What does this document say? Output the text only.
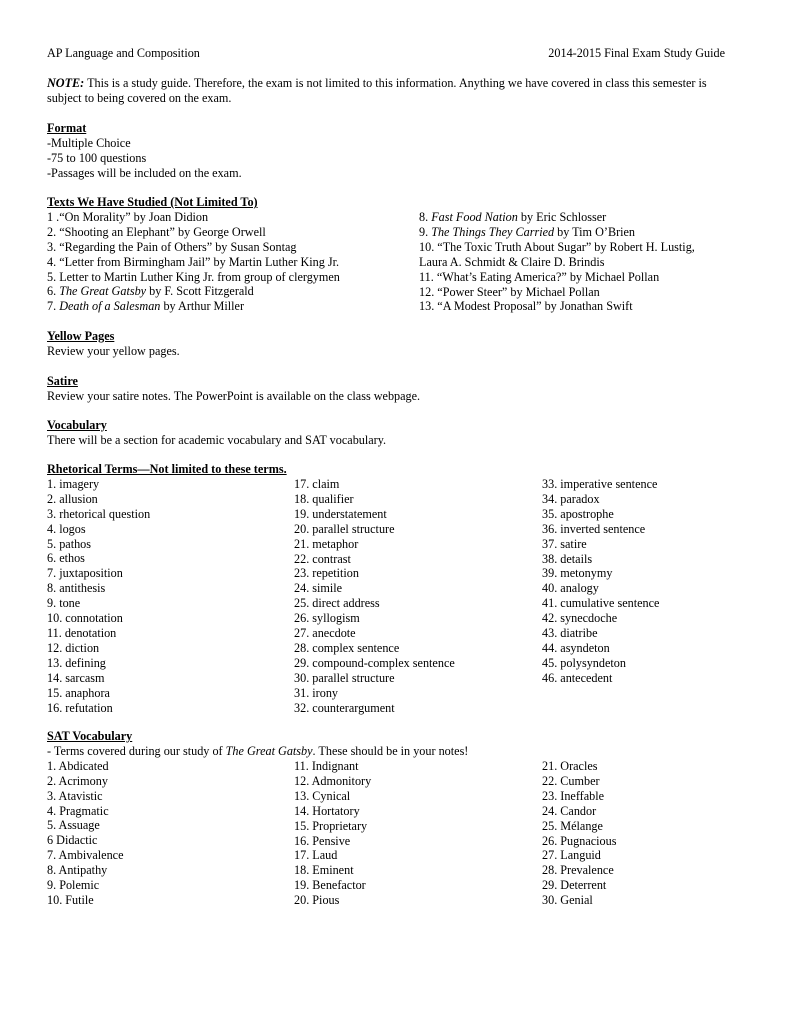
AP Language and Composition	2014-2015 Final Exam Study Guide
NOTE: This is a study guide. Therefore, the exam is not limited to this information. Anything we have covered in class this semester is subject to being covered on the exam.
Format
-Multiple Choice
-75 to 100 questions
-Passages will be included on the exam.
Texts We Have Studied (Not Limited To)
1 .“On Morality” by Joan Didion
2. “Shooting an Elephant” by George Orwell
3. “Regarding the Pain of Others” by Susan Sontag
4. “Letter from Birmingham Jail” by Martin Luther King Jr.
5. Letter to Martin Luther King Jr. from group of clergymen
6. The Great Gatsby by F. Scott Fitzgerald
7. Death of a Salesman by Arthur Miller
8. Fast Food Nation by Eric Schlosser
9. The Things They Carried by Tim O’Brien
10. “The Toxic Truth About Sugar” by Robert H. Lustig,
Laura A. Schmidt & Claire D. Brindis
11. “What’s Eating America?” by Michael Pollan
12. “Power Steer” by Michael Pollan
13. “A Modest Proposal” by Jonathan Swift
Yellow Pages
Review your yellow pages.
Satire
Review your satire notes. The PowerPoint is available on the class webpage.
Vocabulary
There will be a section for academic vocabulary and SAT vocabulary.
Rhetorical Terms—Not limited to these terms.
1. imagery
2. allusion
3. rhetorical question
4. logos
5. pathos
6. ethos
7. juxtaposition
8. antithesis
9. tone
10. connotation
11. denotation
12. diction
13. defining
14. sarcasm
15. anaphora
16. refutation
17. claim
18. qualifier
19. understatement
20. parallel structure
21. metaphor
22. contrast
23. repetition
24. simile
25. direct address
26. syllogism
27. anecdote
28. complex sentence
29. compound-complex sentence
30. parallel structure
31. irony
32. counterargument
33. imperative sentence
34. paradox
35. apostrophe
36. inverted sentence
37. satire
38. details
39. metonymy
40. analogy
41. cumulative sentence
42. synecdoche
43. diatribe
44. asyndeton
45. polysyndeton
46. antecedent
SAT Vocabulary
- Terms covered during our study of The Great Gatsby. These should be in your notes!
1. Abdicated
2. Acrimony
3. Atavistic
4. Pragmatic
5. Assuage
6 Didactic
7. Ambivalence
8. Antipathy
9. Polemic
10. Futile
11. Indignant
12. Admonitory
13. Cynical
14. Hortatory
15. Proprietary
16. Pensive
17. Laud
18. Eminent
19. Benefactor
20. Pious
21. Oracles
22. Cumber
23. Ineffable
24. Candor
25. Mélange
26. Pugnacious
27. Languid
28. Prevalence
29. Deterrent
30. Genial
